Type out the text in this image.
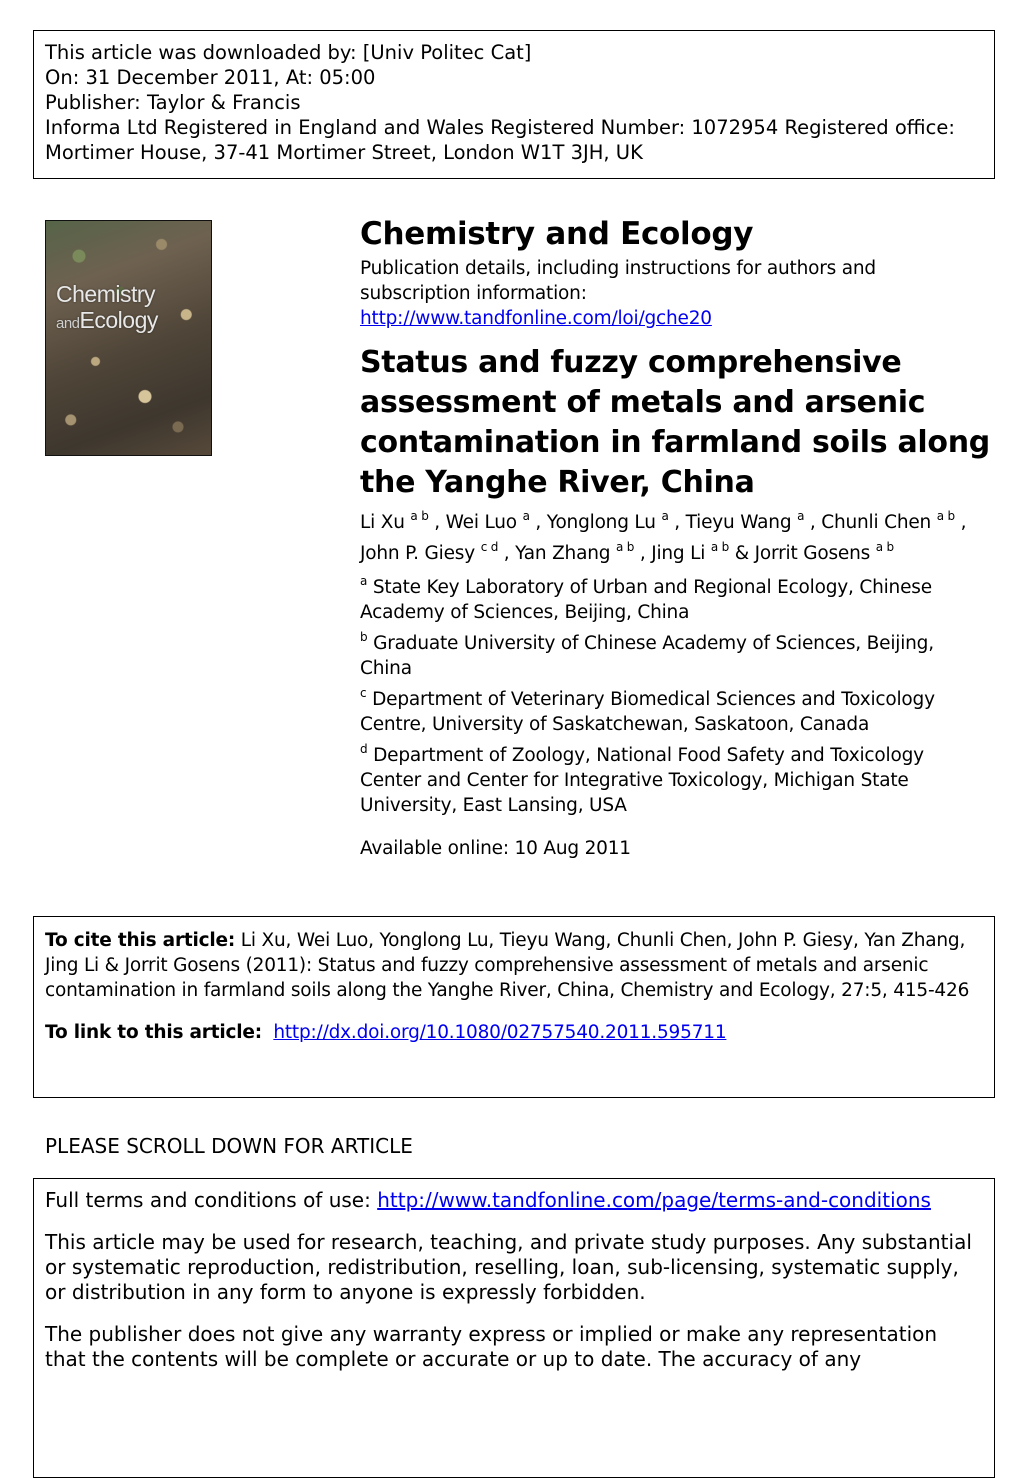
This article was downloaded by: [Univ Politec Cat]
On: 31 December 2011, At: 05:00
Publisher: Taylor & Francis
Informa Ltd Registered in England and Wales Registered Number: 1072954 Registered office: Mortimer House, 37-41 Mortimer Street, London W1T 3JH, UK
Chemistry
andEcology
Chemistry and Ecology
Publication details, including instructions for authors and subscription information:
http://www.tandfonline.com/loi/gche20
Status and fuzzy comprehensive assessment of metals and arsenic contamination in farmland soils along the Yanghe River, China
Li Xu $^{a b}$ , Wei Luo $^a$ , Yonglong Lu $^a$ , Tieyu Wang $^a$ , Chunli Chen $^{a b}$ , John P. Giesy $^{c d}$ , Yan Zhang $^{a b}$ , Jing Li $^{a b}$ & Jorrit Gosens $^{a b}$
$^a$ State Key Laboratory of Urban and Regional Ecology, Chinese Academy of Sciences, Beijing, China
$^b$ Graduate University of Chinese Academy of Sciences, Beijing, China
$^c$ Department of Veterinary Biomedical Sciences and Toxicology Centre, University of Saskatchewan, Saskatoon, Canada
$^d$ Department of Zoology, National Food Safety and Toxicology Center and Center for Integrative Toxicology, Michigan State University, East Lansing, USA
Available online: 10 Aug 2011
To cite this article: Li Xu, Wei Luo, Yonglong Lu, Tieyu Wang, Chunli Chen, John P. Giesy, Yan Zhang, Jing Li & Jorrit Gosens (2011): Status and fuzzy comprehensive assessment of metals and arsenic contamination in farmland soils along the Yanghe River, China, Chemistry and Ecology, 27:5, 415-426
To link to this article: http://dx.doi.org/10.1080/02757540.2011.595711
PLEASE SCROLL DOWN FOR ARTICLE

Full terms and conditions of use: http://www.tandfonline.com/page/terms-and-conditions

This article may be used for research, teaching, and private study purposes. Any substantial or systematic reproduction, redistribution, reselling, loan, sub-licensing, systematic supply, or distribution in any form to anyone is expressly forbidden.

The publisher does not give any warranty express or implied or make any representation that the contents will be complete or accurate or up to date. The accuracy of any
